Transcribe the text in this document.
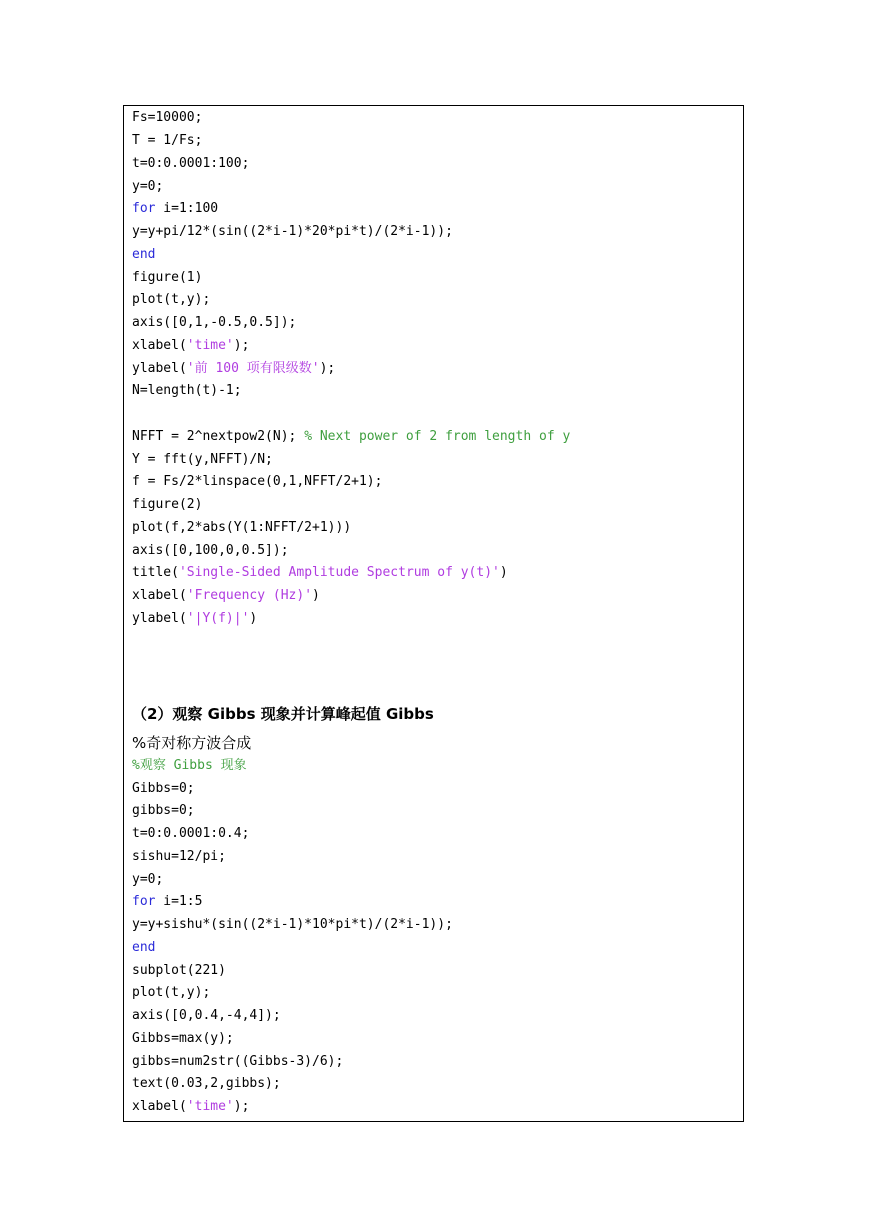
Fs=10000;
T = 1/Fs;
t=0:0.0001:100;
y=0;
for i=1:100
y=y+pi/12*(sin((2*i-1)*20*pi*t)/(2*i-1));
end
figure(1)
plot(t,y);
axis([0,1,-0.5,0.5]);
xlabel('time');
ylabel('前 100 项有限级数');
N=length(t)-1;
NFFT = 2^nextpow2(N); % Next power of 2 from length of y
Y = fft(y,NFFT)/N;
f = Fs/2*linspace(0,1,NFFT/2+1);
figure(2)
plot(f,2*abs(Y(1:NFFT/2+1)))
axis([0,100,0,0.5]);
title('Single-Sided Amplitude Spectrum of y(t)')
xlabel('Frequency (Hz)')
ylabel('|Y(f)|')
（2）观察 Gibbs 现象并计算峰起值 Gibbs
%奇对称方波合成
%观察 Gibbs 现象
Gibbs=0;
gibbs=0;
t=0:0.0001:0.4;
sishu=12/pi;
y=0;
for i=1:5
y=y+sishu*(sin((2*i-1)*10*pi*t)/(2*i-1));
end
subplot(221)
plot(t,y);
axis([0,0.4,-4,4]);
Gibbs=max(y);
gibbs=num2str((Gibbs-3)/6);
text(0.03,2,gibbs);
xlabel('time');
